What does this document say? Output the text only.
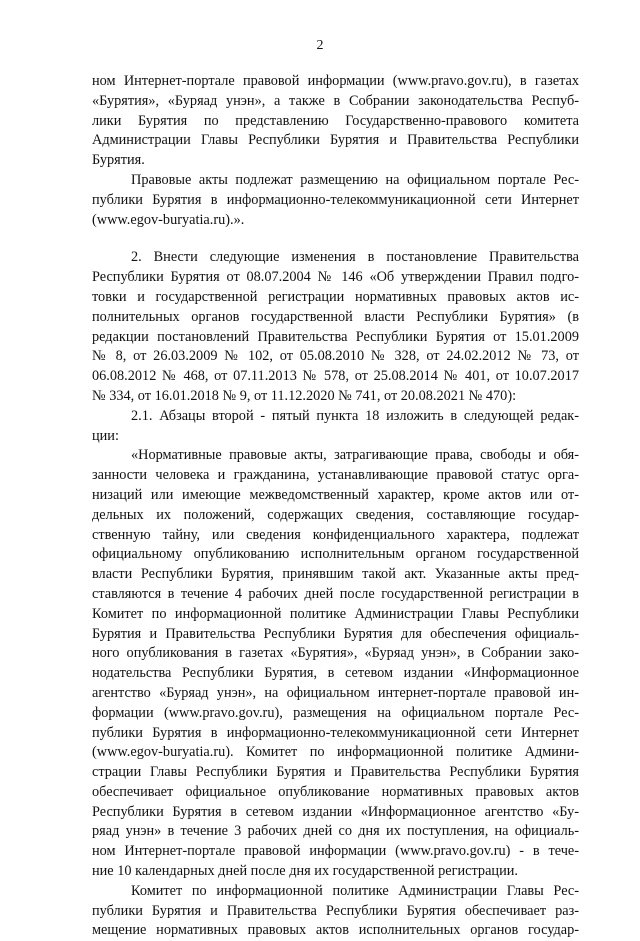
2
ном Интернет-портале правовой информации (www.pravo.gov.ru), в газетах
«Бурятия», «Буряад унэн», а также в Собрании законодательства Респуб-
лики Бурятия по представлению Государственно-правового комитета
Администрации Главы Республики Бурятия и Правительства Республики
Бурятия.
Правовые акты подлежат размещению на официальном портале Рес-
публики Бурятия в информационно-телекоммуникационной сети Интернет
(www.egov-buryatia.ru).».
2. Внести следующие изменения в постановление Правительства
Республики Бурятия от 08.07.2004 № 146 «Об утверждении Правил подго-
товки и государственной регистрации нормативных правовых актов ис-
полнительных органов государственной власти Республики Бурятия» (в
редакции постановлений Правительства Республики Бурятия от 15.01.2009
№ 8, от 26.03.2009 № 102, от 05.08.2010 № 328, от 24.02.2012 № 73, от
06.08.2012 № 468, от 07.11.2013 № 578, от 25.08.2014 № 401, от 10.07.2017
№ 334, от 16.01.2018 № 9, от 11.12.2020 № 741, от 20.08.2021 № 470):
2.1. Абзацы второй - пятый пункта 18 изложить в следующей редак-
ции:
«Нормативные правовые акты, затрагивающие права, свободы и обя-
занности человека и гражданина, устанавливающие правовой статус орга-
низаций или имеющие межведомственный характер, кроме актов или от-
дельных их положений, содержащих сведения, составляющие государ-
ственную тайну, или сведения конфиденциального характера, подлежат
официальному опубликованию исполнительным органом государственной
власти Республики Бурятия, принявшим такой акт. Указанные акты пред-
ставляются в течение 4 рабочих дней после государственной регистрации в
Комитет по информационной политике Администрации Главы Республики
Бурятия и Правительства Республики Бурятия для обеспечения официаль-
ного опубликования в газетах «Бурятия», «Буряад унэн», в Собрании зако-
нодательства Республики Бурятия, в сетевом издании «Информационное
агентство «Буряад унэн», на официальном интернет-портале правовой ин-
формации (www.pravo.gov.ru), размещения на официальном портале Рес-
публики Бурятия в информационно-телекоммуникационной сети Интернет
(www.egov-buryatia.ru). Комитет по информационной политике Админи-
страции Главы Республики Бурятия и Правительства Республики Бурятия
обеспечивает официальное опубликование нормативных правовых актов
Республики Бурятия в сетевом издании «Информационное агентство «Бу-
ряад унэн» в течение 3 рабочих дней со дня их поступления, на официаль-
ном Интернет-портале правовой информации (www.pravo.gov.ru) - в тече-
ние 10 календарных дней после дня их государственной регистрации.
Комитет по информационной политике Администрации Главы Рес-
публики Бурятия и Правительства Республики Бурятия обеспечивает раз-
мещение нормативных правовых актов исполнительных органов государ-
